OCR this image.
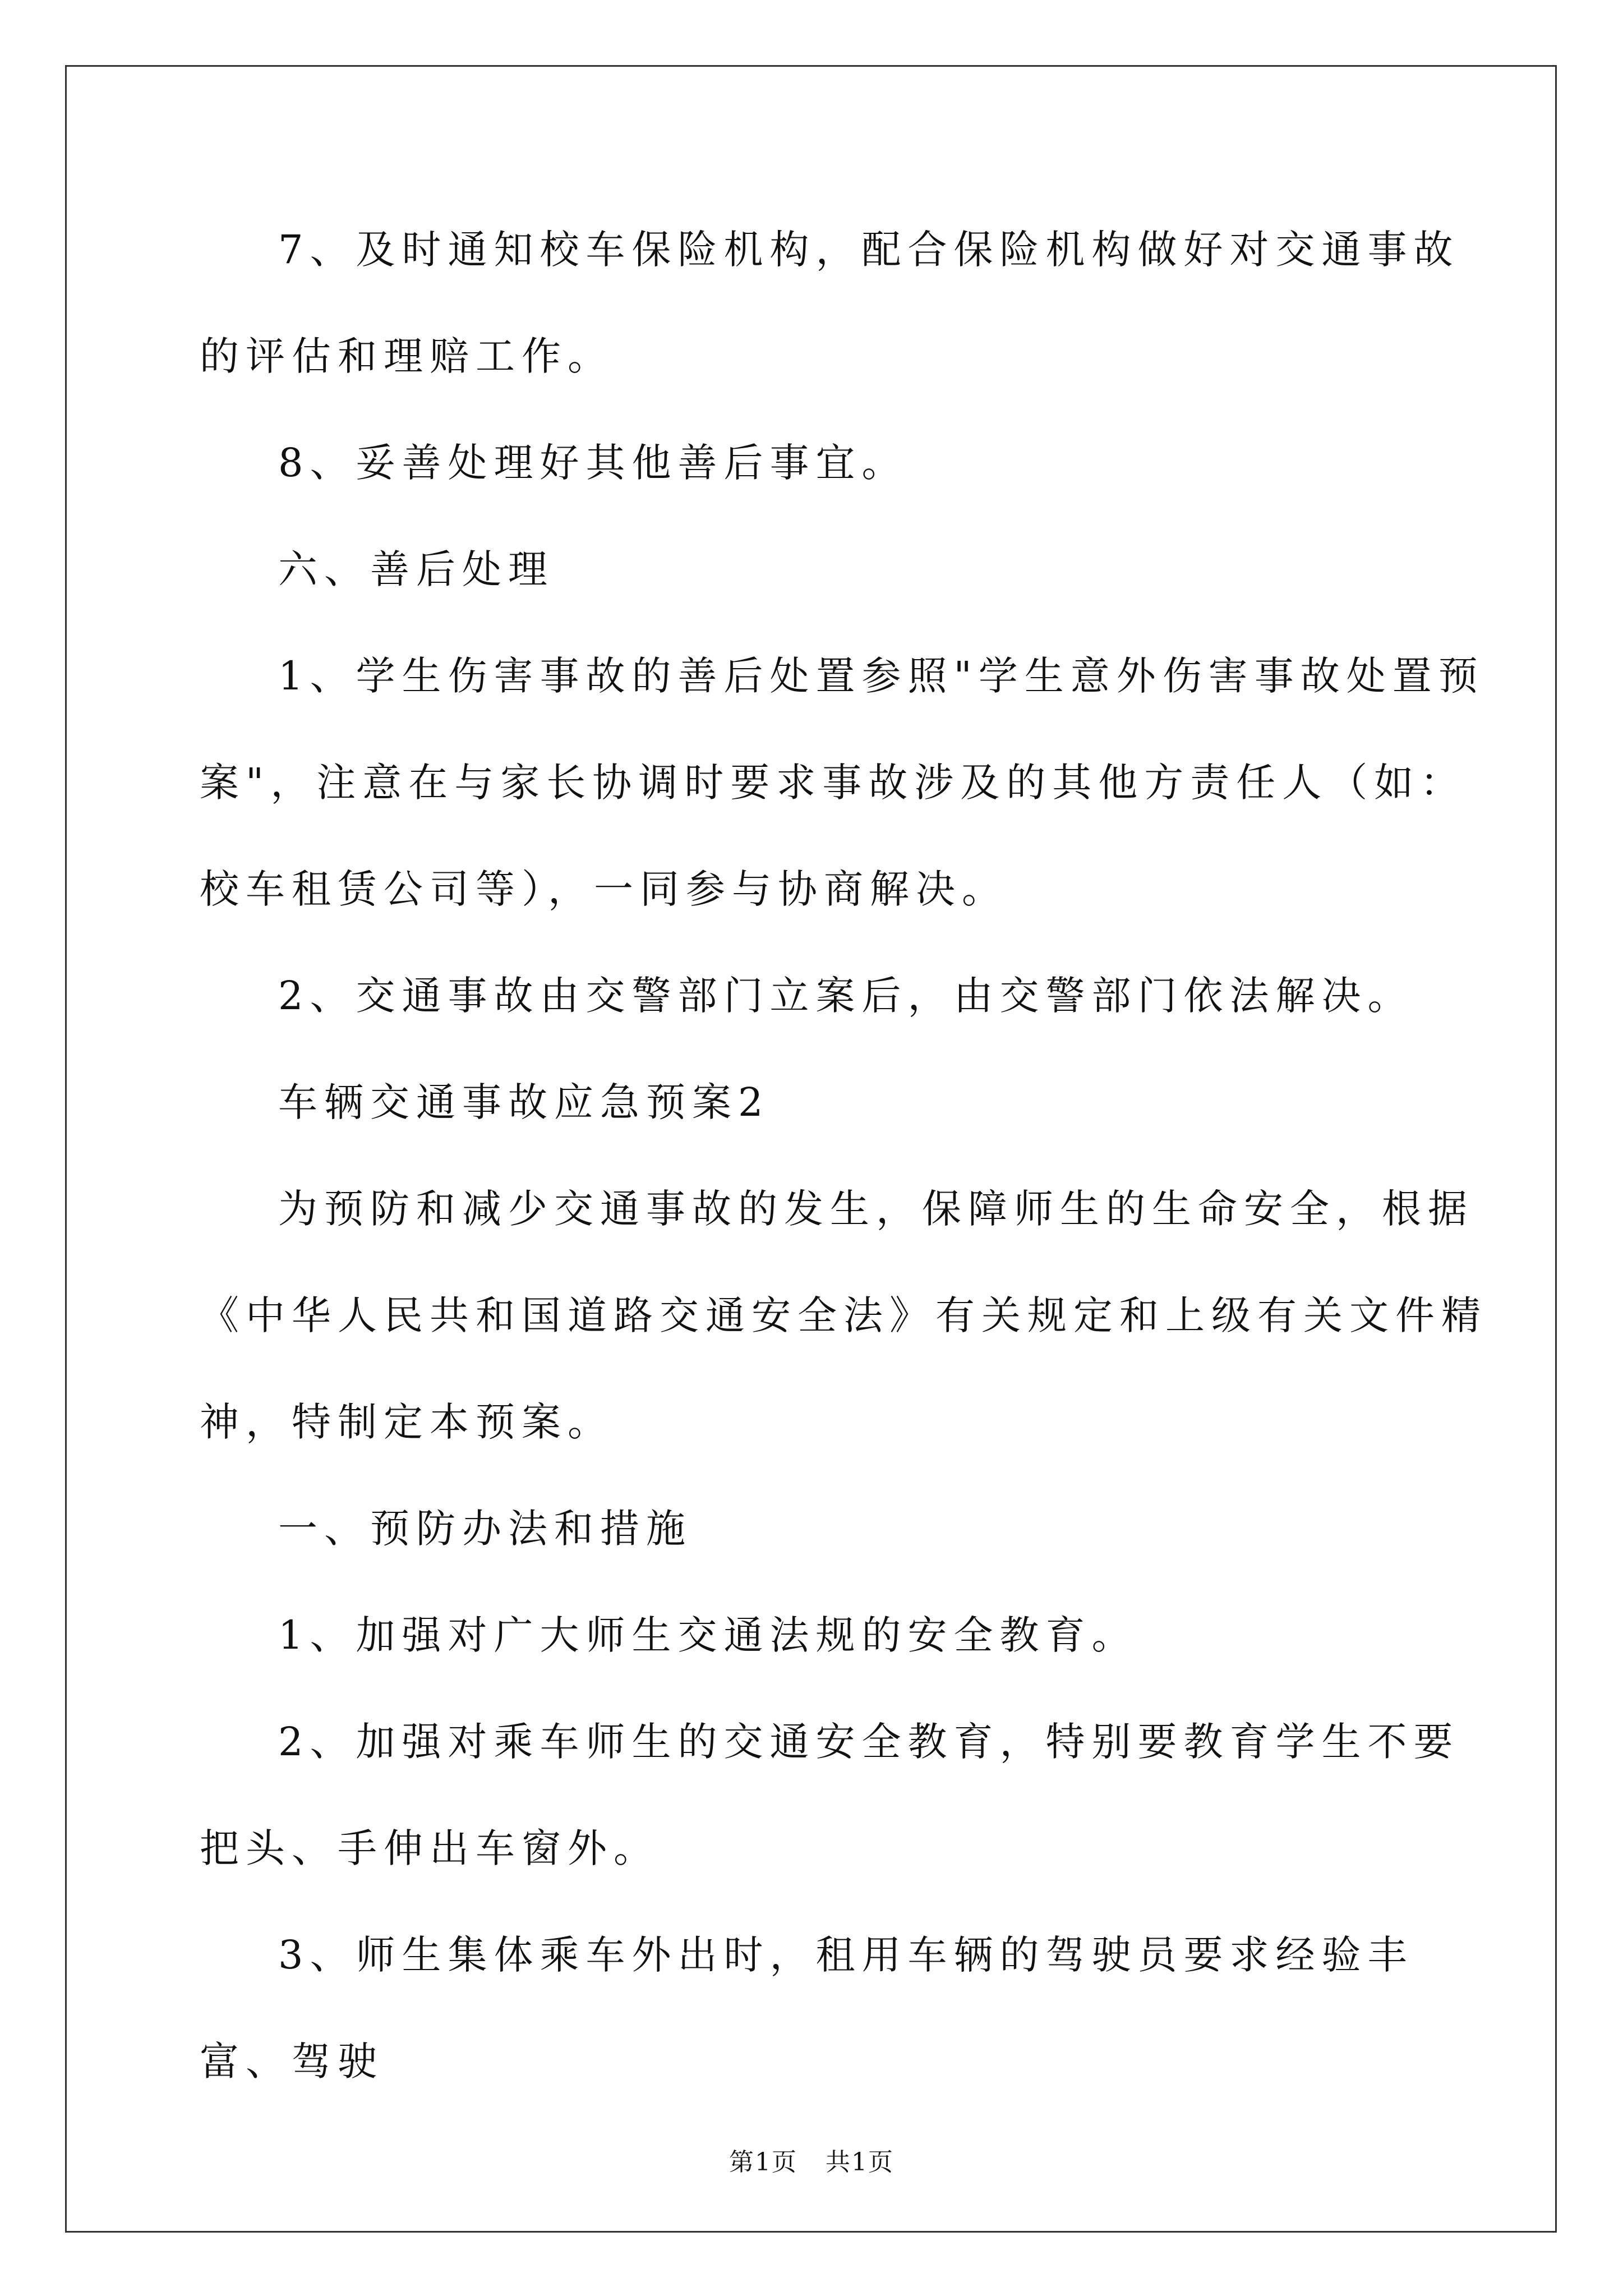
7、及时通知校车保险机构，配合保险机构做好对交通事故的评估和理赔工作。

8、妥善处理好其他善后事宜。

六、善后处理

1、学生伤害事故的善后处置参照"学生意外伤害事故处置预案"，注意在与家长协调时要求事故涉及的其他方责任人（如：校车租赁公司等），一同参与协商解决。

2、交通事故由交警部门立案后，由交警部门依法解决。

车辆交通事故应急预案2

为预防和减少交通事故的发生，保障师生的生命安全，根据《中华人民共和国道路交通安全法》有关规定和上级有关文件精神，特制定本预案。

一、预防办法和措施

1、加强对广大师生交通法规的安全教育。

2、加强对乘车师生的交通安全教育，特别要教育学生不要把头、手伸出车窗外。

3、师生集体乘车外出时，租用车辆的驾驶员要求经验丰富、驾驶

第1页 共1页
